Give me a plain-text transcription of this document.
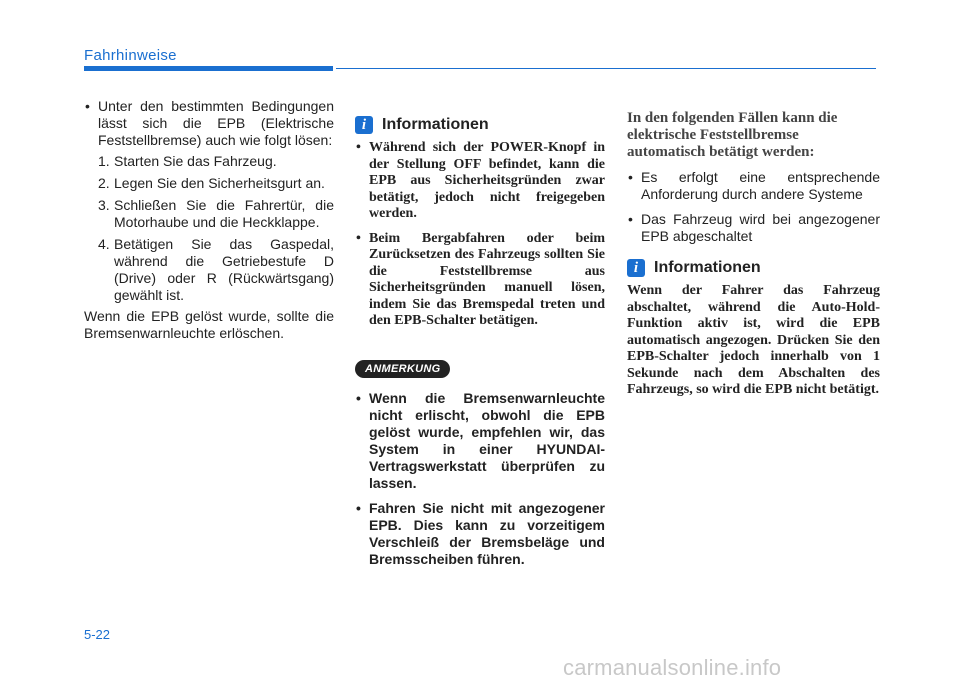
Fahrhinweise
• Unter den bestimmten Bedingungen lässt sich die EPB (Elektrische Feststellbremse) auch wie folgt lösen:
1. Starten Sie das Fahrzeug.
2. Legen Sie den Sicherheitsgurt an.
3. Schließen Sie die Fahrertür, die Motorhaube und die Heckklappe.
4. Betätigen Sie das Gaspedal, während die Getriebestufe D (Drive) oder R (Rückwärtsgang) gewählt ist.

Wenn die EPB gelöst wurde, sollte die Bremsenwarnleuchte erlöschen.

i Informationen
• Während sich der POWER-Knopf in der Stellung OFF befindet, kann die EPB aus Sicherheitsgründen zwar betätigt, jedoch nicht freigegeben werden.
• Beim Bergabfahren oder beim Zurücksetzen des Fahrzeugs sollten Sie die Feststellbremse aus Sicherheitsgründen manuell lösen, indem Sie das Bremspedal treten und den EPB-Schalter betätigen.
ANMERKUNG
• Wenn die Bremsenwarnleuchte nicht erlischt, obwohl die EPB gelöst wurde, empfehlen wir, das System in einer HYUNDAI-Vertragswerkstatt überprüfen zu lassen.
• Fahren Sie nicht mit angezogener EPB. Dies kann zu vorzeitigem Verschleiß der Bremsbeläge und Bremsscheiben führen.
In den folgenden Fällen kann die elektrische Feststellbremse automatisch betätigt werden:
• Es erfolgt eine entsprechende Anforderung durch andere Systeme
• Das Fahrzeug wird bei angezogener EPB abgeschaltet
i Informationen

Wenn der Fahrer das Fahrzeug abschaltet, während die Auto-Hold-Funktion aktiv ist, wird die EPB automatisch angezogen. Drücken Sie den EPB-Schalter jedoch innerhalb von 1 Sekunde nach dem Abschalten des Fahrzeugs, so wird die EPB nicht betätigt.

5-22
carmanualsonline.info
